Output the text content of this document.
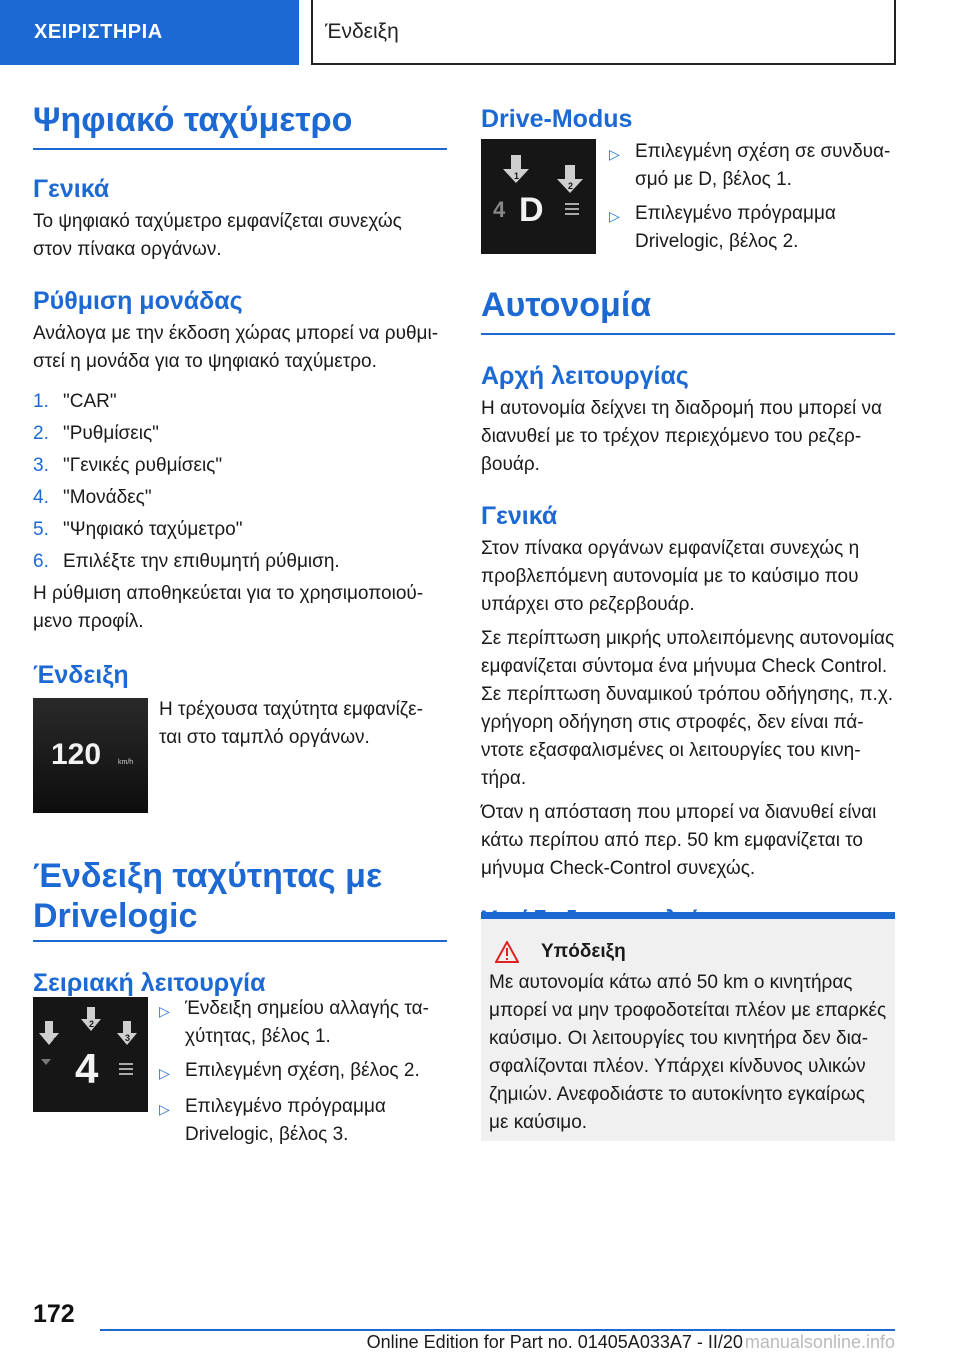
ΧΕΙΡΙΣΤΗΡΙΑ	Ένδειξη
Ψηφιακό ταχύμετρο
Γενικά
Το ψηφιακό ταχύμετρο εμφανίζεται συνεχώς
στον πίνακα οργάνων.
Ρύθμιση μονάδας
Ανάλογα με την έκδοση χώρας μπορεί να ρυθμι-
στεί η μονάδα για το ψηφιακό ταχύμετρο.
1. "CAR"
2. "Ρυθμίσεις"
3. "Γενικές ρυθμίσεις"
4. "Μονάδες"
5. "Ψηφιακό ταχύμετρο"
6. Επιλέξτε την επιθυμητή ρύθμιση.
Η ρύθμιση αποθηκεύεται για το χρησιμοποιού-
μενο προφίλ.
Ένδειξη
120 km/h
Η τρέχουσα ταχύτητα εμφανίζε-
ται στο ταμπλό οργάνων.
Ένδειξη ταχύτητας με
Drivelogic
Σειριακή λειτουργία
1
2
3
4
▷ Ένδειξη σημείου αλλαγής τα-
χύτητας, βέλος 1.
▷ Επιλεγμένη σχέση, βέλος 2.
▷ Επιλεγμένο πρόγραμμα
Drivelogic, βέλος 3.
Drive-Modus
1
2
4 D
▷ Επιλεγμένη σχέση σε συνδυα-
σμό με D, βέλος 1.
▷ Επιλεγμένο πρόγραμμα
Drivelogic, βέλος 2.
Αυτονομία
Αρχή λειτουργίας
Η αυτονομία δείχνει τη διαδρομή που μπορεί να
διανυθεί με το τρέχον περιεχόμενο του ρεζερ-
βουάρ.
Γενικά
Στον πίνακα οργάνων εμφανίζεται συνεχώς η
προβλεπόμενη αυτονομία με το καύσιμο που
υπάρχει στο ρεζερβουάρ.
Σε περίπτωση μικρής υπολειπόμενης αυτονομίας
εμφανίζεται σύντομα ένα μήνυμα Check Control.
Σε περίπτωση δυναμικού τρόπου οδήγησης, π.χ.
γρήγορη οδήγηση στις στροφές, δεν είναι πά-
ντοτε εξασφαλισμένες οι λειτουργίες του κινη-
τήρα.
Όταν η απόσταση που μπορεί να διανυθεί είναι
κάτω περίπου από περ. 50 km εμφανίζεται το
μήνυμα Check-Control συνεχώς.
Υπόδειξη
Με αυτονομία κάτω από 50 km ο κινητήρας
μπορεί να μην τροφοδοτείται πλέον με επαρκές
καύσιμο. Οι λειτουργίες του κινητήρα δεν δια-
σφαλίζονται πλέον. Υπάρχει κίνδυνος υλικών
ζημιών. Ανεφοδιάστε το αυτοκίνητο εγκαίρως
με καύσιμο.
172
Online Edition for Part no. 01405A033A7 - II/20 manualsonline.info
